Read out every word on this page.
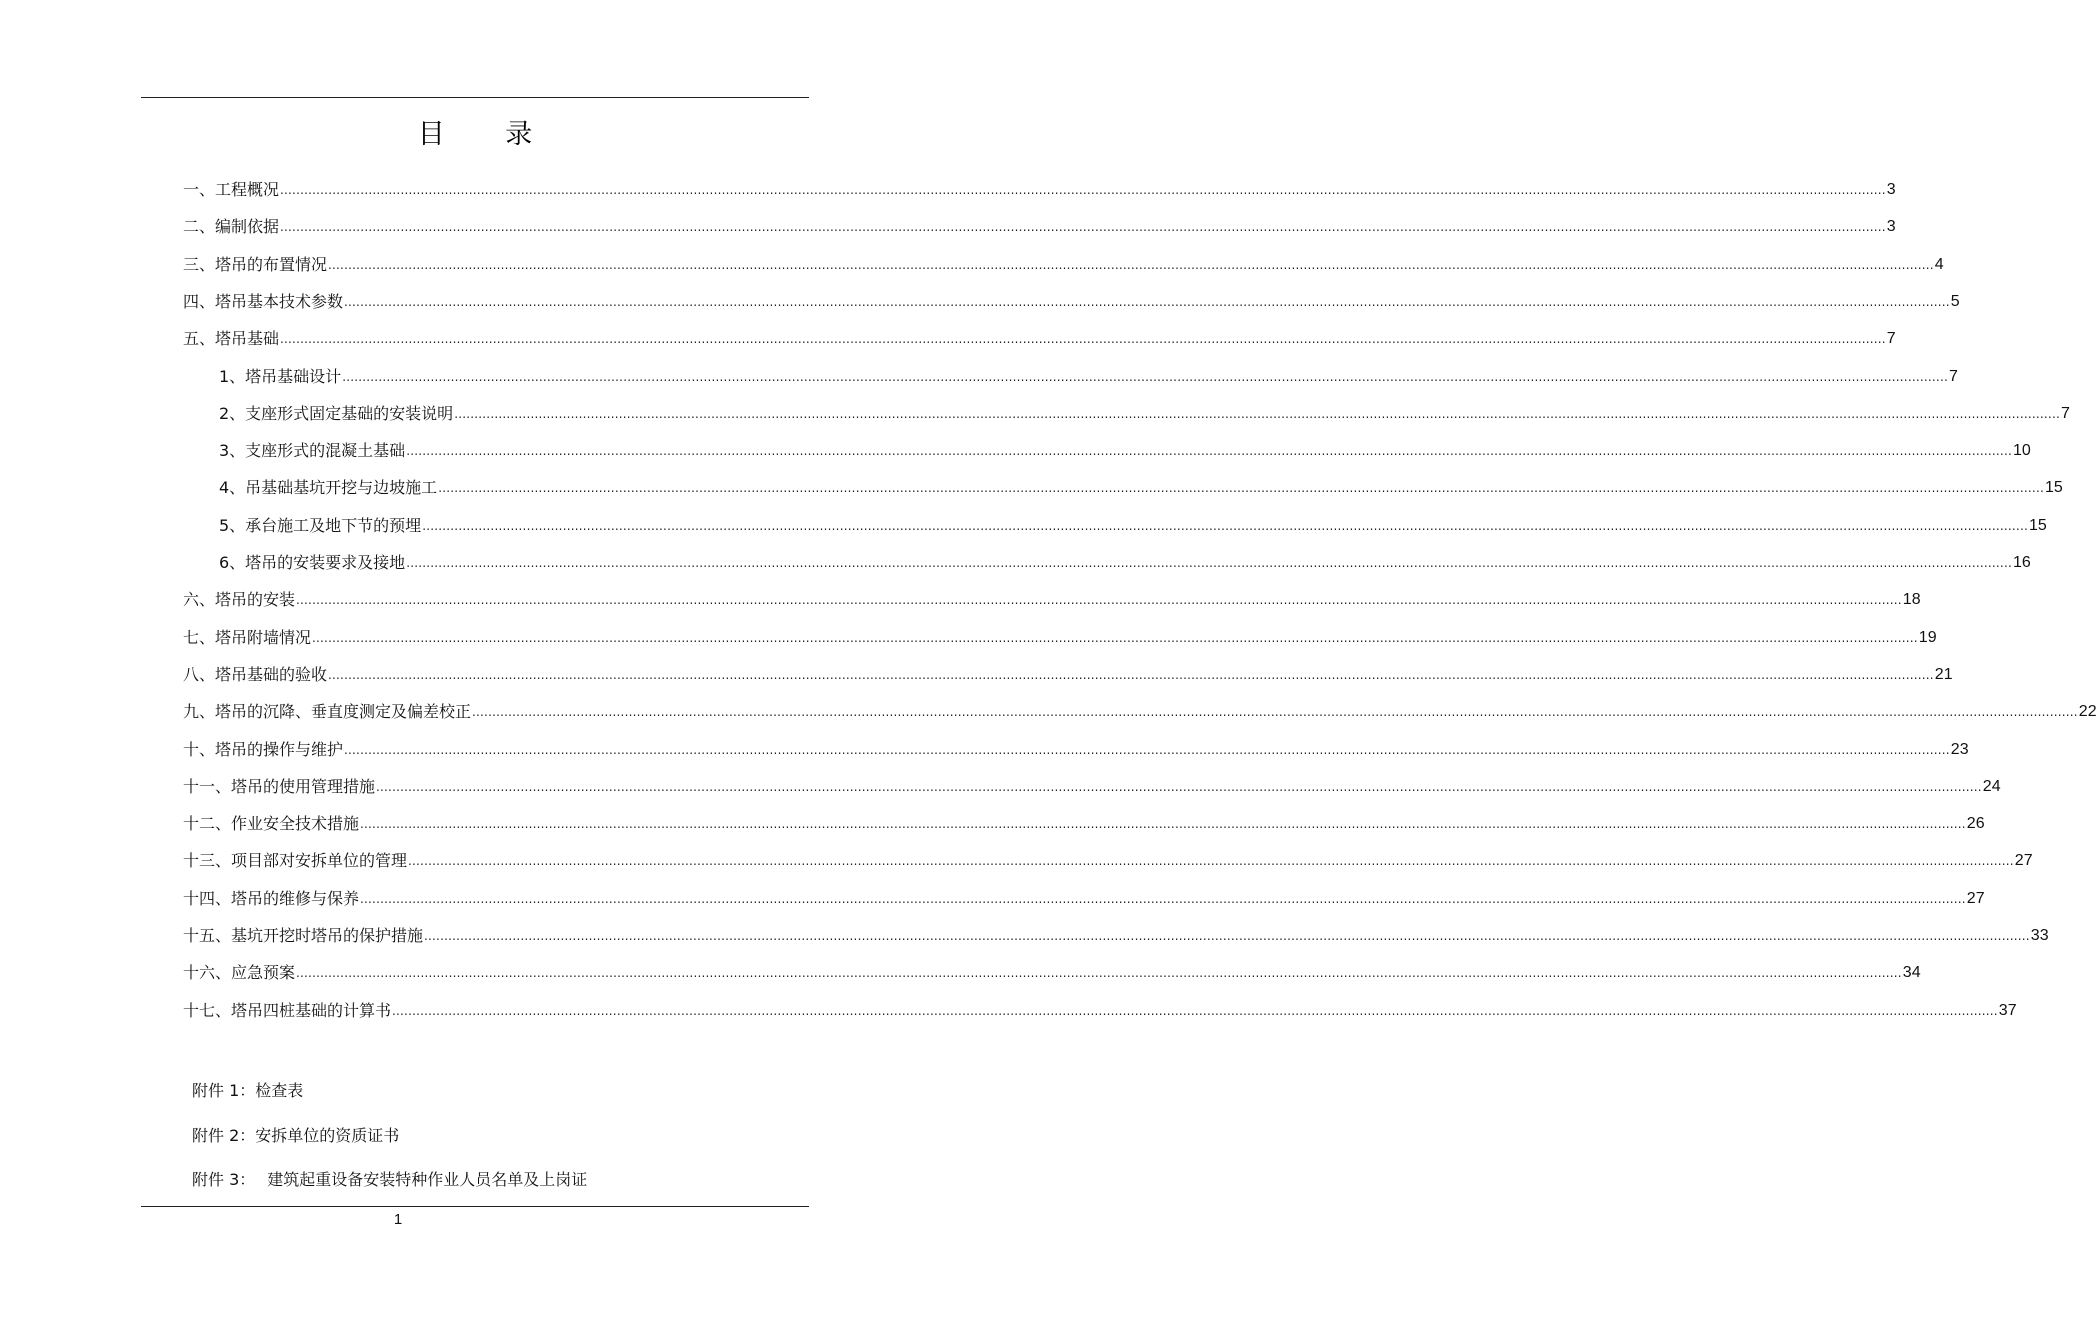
目 录
一、工程概况 ................................................................................................................................................................................................................................................................................................................................................................................................................ 3
二、编制依据 ................................................................................................................................................................................................................................................................................................................................................................................................................ 3
三、塔吊的布置情况 ................................................................................................................................................................................................................................................................................................................................................................................................................ 4
四、塔吊基本技术参数 ................................................................................................................................................................................................................................................................................................................................................................................................................ 5
五、塔吊基础 ................................................................................................................................................................................................................................................................................................................................................................................................................ 7
1、塔吊基础设计 ................................................................................................................................................................................................................................................................................................................................................................................................................ 7
2、支座形式固定基础的安装说明 ................................................................................................................................................................................................................................................................................................................................................................................................................ 7
3、支座形式的混凝土基础 ................................................................................................................................................................................................................................................................................................................................................................................................................ 10
4、吊基础基坑开挖与边坡施工 ................................................................................................................................................................................................................................................................................................................................................................................................................ 15
5、承台施工及地下节的预埋 ................................................................................................................................................................................................................................................................................................................................................................................................................ 15
6、塔吊的安装要求及接地 ................................................................................................................................................................................................................................................................................................................................................................................................................ 16
六、塔吊的安装 ................................................................................................................................................................................................................................................................................................................................................................................................................ 18
七、塔吊附墙情况 ................................................................................................................................................................................................................................................................................................................................................................................................................ 19
八、塔吊基础的验收 ................................................................................................................................................................................................................................................................................................................................................................................................................ 21
九、塔吊的沉降、垂直度测定及偏差校正 ................................................................................................................................................................................................................................................................................................................................................................................................................ 22
十、塔吊的操作与维护 ................................................................................................................................................................................................................................................................................................................................................................................................................ 23
十一、塔吊的使用管理措施 ................................................................................................................................................................................................................................................................................................................................................................................................................ 24
十二、作业安全技术措施 ................................................................................................................................................................................................................................................................................................................................................................................................................ 26
十三、项目部对安拆单位的管理 ................................................................................................................................................................................................................................................................................................................................................................................................................ 27
十四、塔吊的维修与保养 ................................................................................................................................................................................................................................................................................................................................................................................................................ 27
十五、基坑开挖时塔吊的保护措施 ................................................................................................................................................................................................................................................................................................................................................................................................................ 33
十六、应急预案 ................................................................................................................................................................................................................................................................................................................................................................................................................ 34
十七、塔吊四桩基础的计算书 ................................................................................................................................................................................................................................................................................................................................................................................................................ 37
附件 1：检查表
附件 2：安拆单位的资质证书
附件 3： 建筑起重设备安装特种作业人员名单及上岗证
1
